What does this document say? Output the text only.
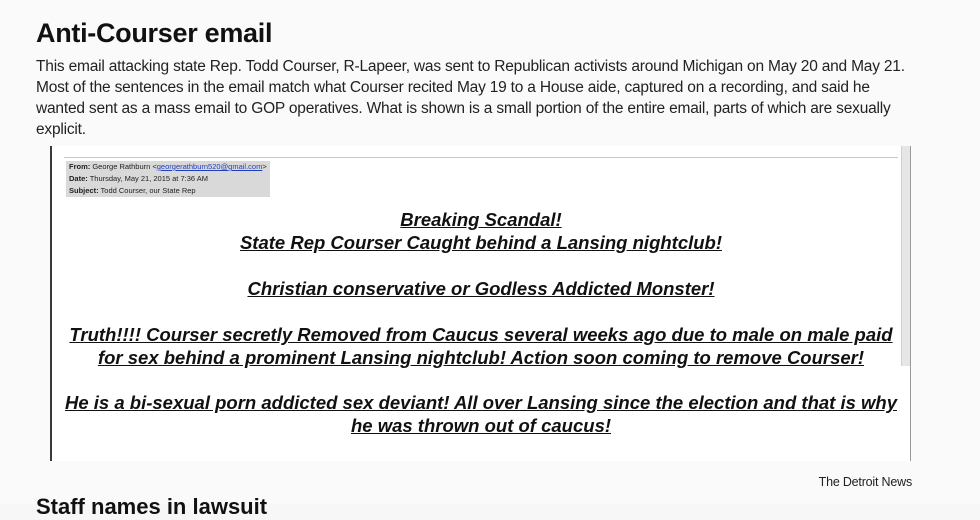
Anti-Courser email

This email attacking state Rep. Todd Courser, R-Lapeer, was sent to Republican activists around Michigan on May 20 and May 21. Most of the sentences in the email match what Courser recited May 19 to a House aide, captured on a recording, and said he wanted sent as a mass email to GOP operatives. What is shown is a small portion of the entire email, parts of which are sexually explicit.

From: George Rathburn <georgerathburn520@gmail.com>
Date: Thursday, May 21, 2015 at 7:36 AM
Subject: Todd Courser, our State Rep

Breaking Scandal!

State Rep Courser Caught behind a Lansing nightclub!

Christian conservative or Godless Addicted Monster!

Truth!!!! Courser secretly Removed from Caucus several weeks ago due to male on male paid for sex behind a prominent Lansing nightclub! Action soon coming to remove Courser!

He is a bi-sexual porn addicted sex deviant! All over Lansing since the election and that is why he was thrown out of caucus!

The Detroit News
Staff names in lawsuit
